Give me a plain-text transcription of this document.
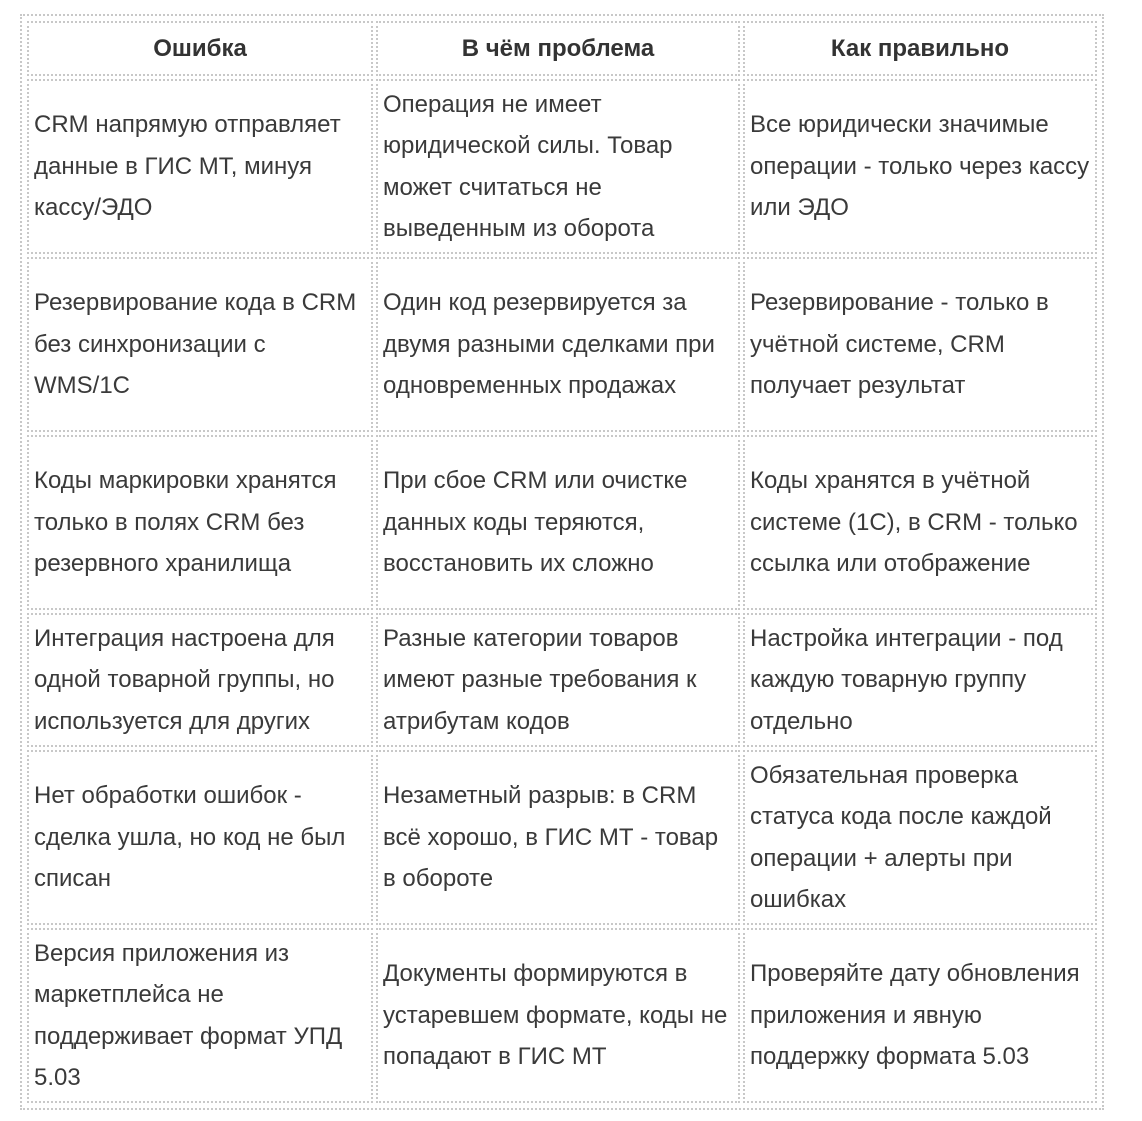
Ошибка	В чём проблема	Как правильно
CRM напрямую отправляет данные в ГИС МТ, минуя кассу/ЭДО	Операция не имеет юридической силы. Товар может считаться не выведенным из оборота	Все юридически значимые операции - только через кассу или ЭДО
Резервирование кода в CRM без синхронизации с WMS/1С	Один код резервируется за двумя разными сделками при одновременных продажах	Резервирование - только в учётной системе, CRM получает результат
Коды маркировки хранятся только в полях CRM без резервного хранилища	При сбое CRM или очистке данных коды теряются, восстановить их сложно	Коды хранятся в учётной системе (1С), в CRM - только ссылка или отображение
Интеграция настроена для одной товарной группы, но используется для других	Разные категории товаров имеют разные требования к атрибутам кодов	Настройка интеграции - под каждую товарную группу отдельно
Нет обработки ошибок - сделка ушла, но код не был списан	Незаметный разрыв: в CRM всё хорошо, в ГИС МТ - товар в обороте	Обязательная проверка статуса кода после каждой операции + алерты при ошибках
Версия приложения из маркетплейса не поддерживает формат УПД 5.03	Документы формируются в устаревшем формате, коды не попадают в ГИС МТ	Проверяйте дату обновления приложения и явную поддержку формата 5.03
